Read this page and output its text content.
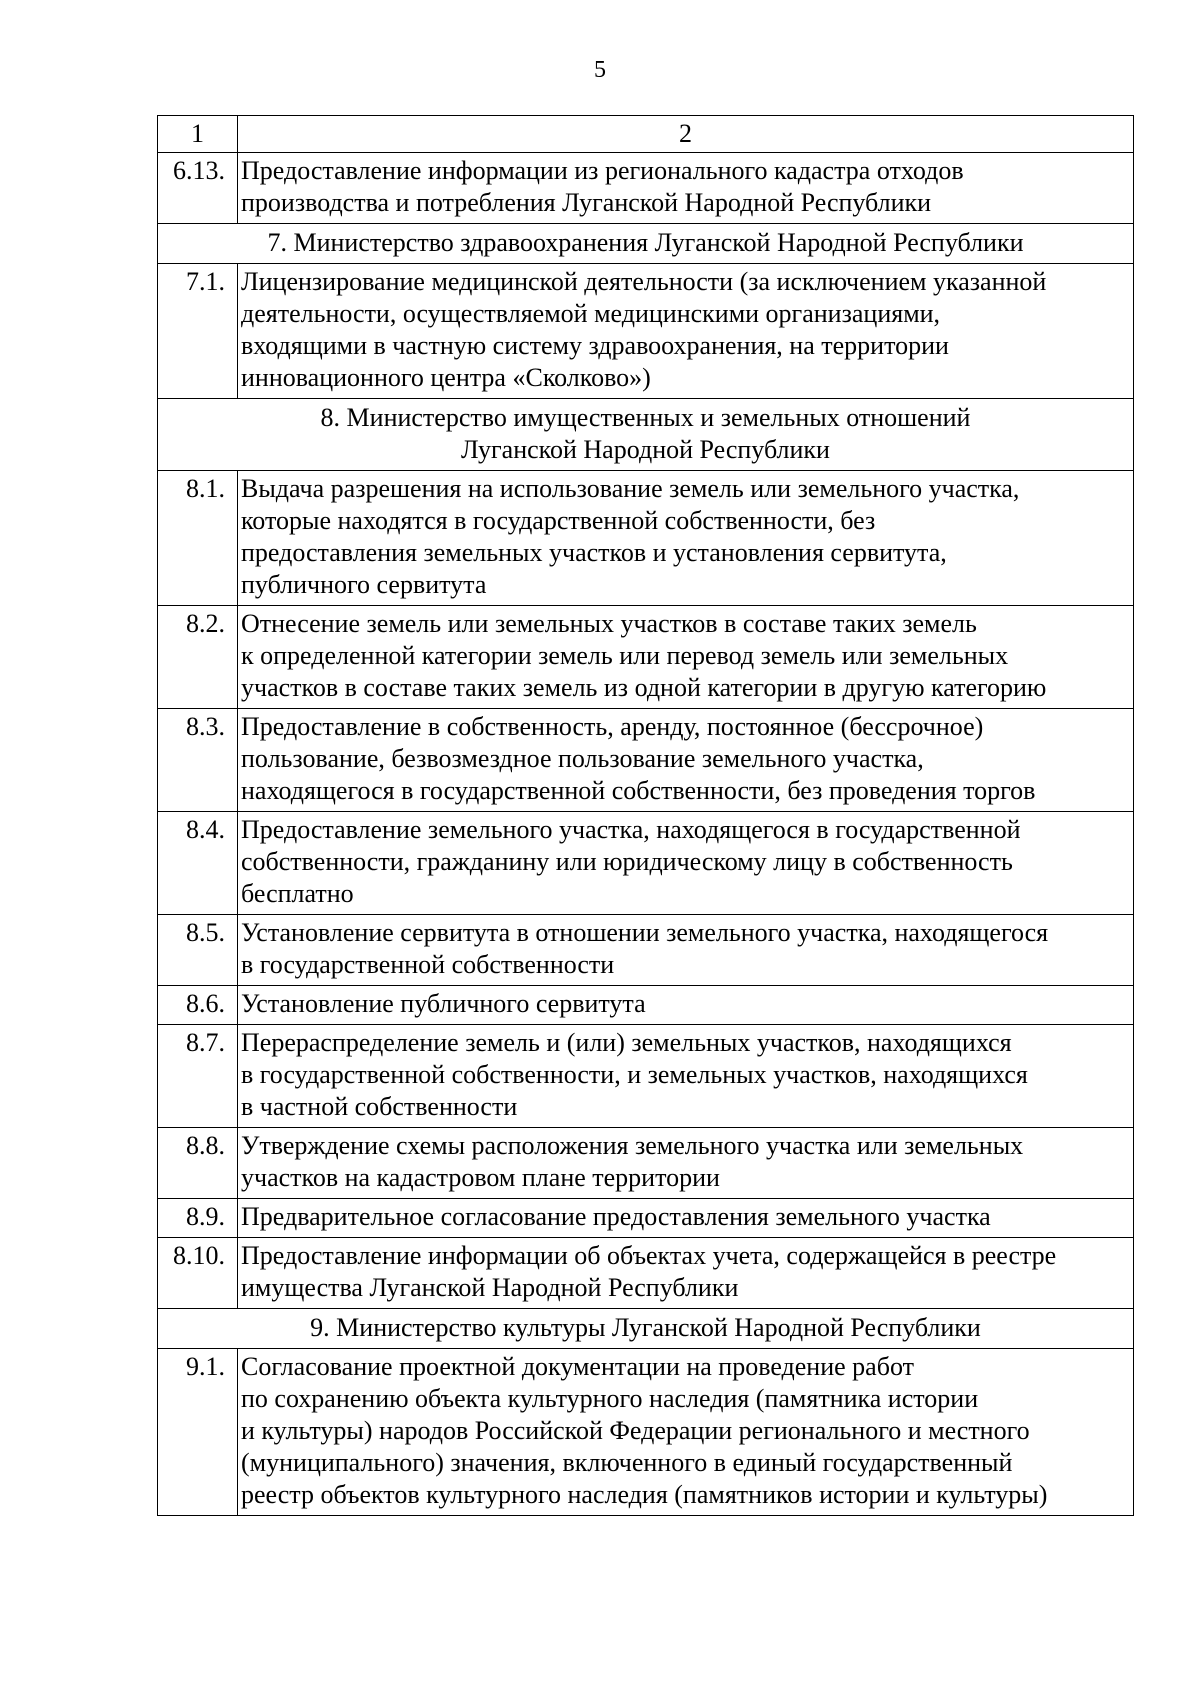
5
1	2
6.13.	Предоставление информации из регионального кадастра отходов
производства и потребления Луганской Народной Республики

7. Министерство здравоохранения Луганской Народной Республики	

7.1.	Лицензирование медицинской деятельности (за исключением указанной
деятельности, осуществляемой медицинскими организациями,
входящими в частную систему здравоохранения, на территории
инновационного центра «Сколково»)

8. Министерство имущественных и земельных отношений
Луганской Народной Республики	

8.1.	Выдача разрешения на использование земель или земельного участка,
которые находятся в государственной собственности, без
предоставления земельных участков и установления сервитута,
публичного сервитута

8.2.	Отнесение земель или земельных участков в составе таких земель
к определенной категории земель или перевод земель или земельных
участков в составе таких земель из одной категории в другую категорию

8.3.	Предоставление в собственность, аренду, постоянное (бессрочное)
пользование, безвозмездное пользование земельного участка,
находящегося в государственной собственности, без проведения торгов

8.4.	Предоставление земельного участка, находящегося в государственной
собственности, гражданину или юридическому лицу в собственность
бесплатно

8.5.	Установление сервитута в отношении земельного участка, находящегося
в государственной собственности

8.6.	Установление публичного сервитута

8.7.	Перераспределение земель и (или) земельных участков, находящихся
в государственной собственности, и земельных участков, находящихся
в частной собственности

8.8.	Утверждение схемы расположения земельного участка или земельных
участков на кадастровом плане территории

8.9.	Предварительное согласование предоставления земельного участка

8.10.	Предоставление информации об объектах учета, содержащейся в реестре
имущества Луганской Народной Республики

9. Министерство культуры Луганской Народной Республики	

9.1.	Согласование проектной документации на проведение работ
по сохранению объекта культурного наследия (памятника истории
и культуры) народов Российской Федерации регионального и местного
(муниципального) значения, включенного в единый государственный
реестр объектов культурного наследия (памятников истории и культуры)
